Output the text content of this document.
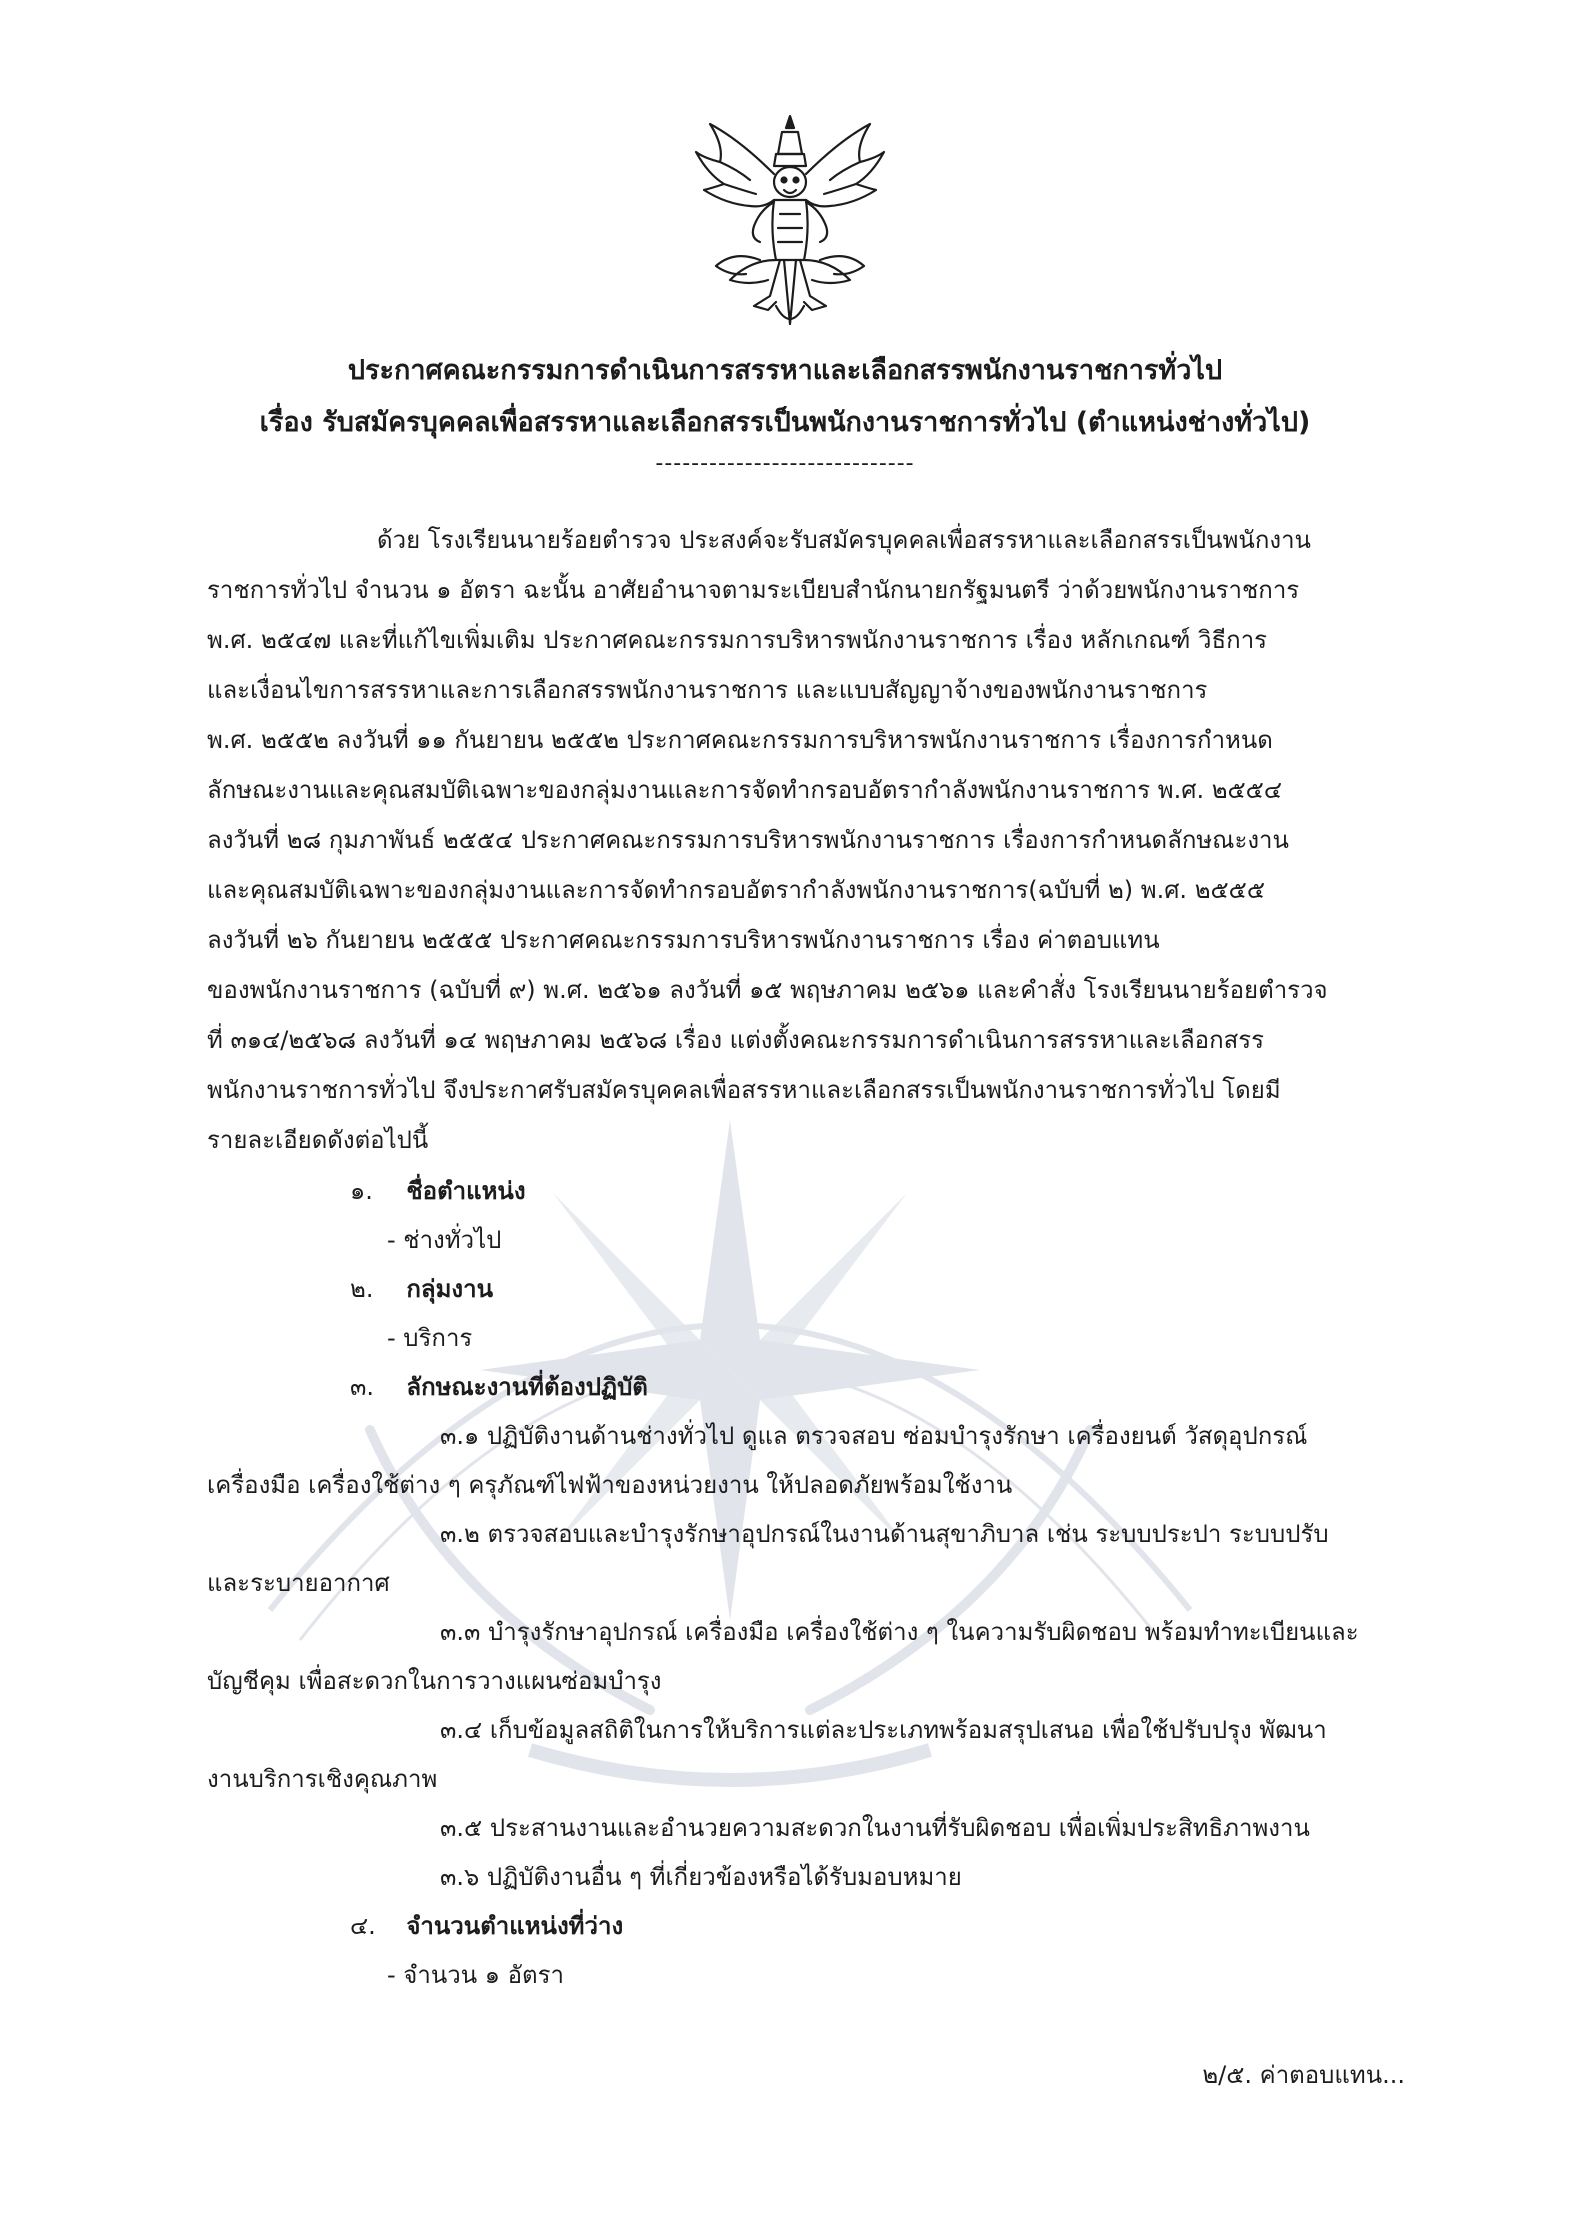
ประกาศคณะกรรมการดำเนินการสรรหาและเลือกสรรพนักงานราชการทั่วไป
เรื่อง รับสมัครบุคคลเพื่อสรรหาและเลือกสรรเป็นพนักงานราชการทั่วไป (ตำแหน่งช่างทั่วไป)
-----------------------------
ด้วย โรงเรียนนายร้อยตำรวจ ประสงค์จะรับสมัครบุคคลเพื่อสรรหาและเลือกสรรเป็นพนักงาน
ราชการทั่วไป จำนวน ๑ อัตรา ฉะนั้น อาศัยอำนาจตามระเบียบสำนักนายกรัฐมนตรี ว่าด้วยพนักงานราชการ
พ.ศ. ๒๕๔๗ และที่แก้ไขเพิ่มเติม ประกาศคณะกรรมการบริหารพนักงานราชการ เรื่อง หลักเกณฑ์ วิธีการ
และเงื่อนไขการสรรหาและการเลือกสรรพนักงานราชการ และแบบสัญญาจ้างของพนักงานราชการ
พ.ศ. ๒๕๕๒ ลงวันที่ ๑๑ กันยายน ๒๕๕๒ ประกาศคณะกรรมการบริหารพนักงานราชการ เรื่องการกำหนด
ลักษณะงานและคุณสมบัติเฉพาะของกลุ่มงานและการจัดทำกรอบอัตรากำลังพนักงานราชการ พ.ศ. ๒๕๕๔
ลงวันที่ ๒๘ กุมภาพันธ์ ๒๕๕๔ ประกาศคณะกรรมการบริหารพนักงานราชการ เรื่องการกำหนดลักษณะงาน
และคุณสมบัติเฉพาะของกลุ่มงานและการจัดทำกรอบอัตรากำลังพนักงานราชการ(ฉบับที่ ๒) พ.ศ. ๒๕๕๕
ลงวันที่ ๒๖ กันยายน ๒๕๕๕ ประกาศคณะกรรมการบริหารพนักงานราชการ เรื่อง ค่าตอบแทน
ของพนักงานราชการ (ฉบับที่ ๙) พ.ศ. ๒๕๖๑ ลงวันที่ ๑๕ พฤษภาคม ๒๕๖๑ และคำสั่ง โรงเรียนนายร้อยตำรวจ
ที่ ๓๑๔/๒๕๖๘ ลงวันที่ ๑๔ พฤษภาคม ๒๕๖๘ เรื่อง แต่งตั้งคณะกรรมการดำเนินการสรรหาและเลือกสรร
พนักงานราชการทั่วไป จึงประกาศรับสมัครบุคคลเพื่อสรรหาและเลือกสรรเป็นพนักงานราชการทั่วไป โดยมี
รายละเอียดดังต่อไปนี้
๑. ชื่อตำแหน่ง
- ช่างทั่วไป
๒. กลุ่มงาน
- บริการ
๓. ลักษณะงานที่ต้องปฏิบัติ
๓.๑ ปฏิบัติงานด้านช่างทั่วไป ดูแล ตรวจสอบ ซ่อมบำรุงรักษา เครื่องยนต์ วัสดุอุปกรณ์
เครื่องมือ เครื่องใช้ต่าง ๆ ครุภัณฑ์ไฟฟ้าของหน่วยงาน ให้ปลอดภัยพร้อมใช้งาน
๓.๒ ตรวจสอบและบำรุงรักษาอุปกรณ์ในงานด้านสุขาภิบาล เช่น ระบบประปา ระบบปรับ
และระบายอากาศ
๓.๓ บำรุงรักษาอุปกรณ์ เครื่องมือ เครื่องใช้ต่าง ๆ ในความรับผิดชอบ พร้อมทำทะเบียนและ
บัญชีคุม เพื่อสะดวกในการวางแผนซ่อมบำรุง
๓.๔ เก็บข้อมูลสถิติในการให้บริการแต่ละประเภทพร้อมสรุปเสนอ เพื่อใช้ปรับปรุง พัฒนา
งานบริการเชิงคุณภาพ
๓.๕ ประสานงานและอำนวยความสะดวกในงานที่รับผิดชอบ เพื่อเพิ่มประสิทธิภาพงาน
๓.๖ ปฏิบัติงานอื่น ๆ ที่เกี่ยวข้องหรือได้รับมอบหมาย
๔. จำนวนตำแหน่งที่ว่าง
- จำนวน ๑ อัตรา
๒/๕. ค่าตอบแทน...
